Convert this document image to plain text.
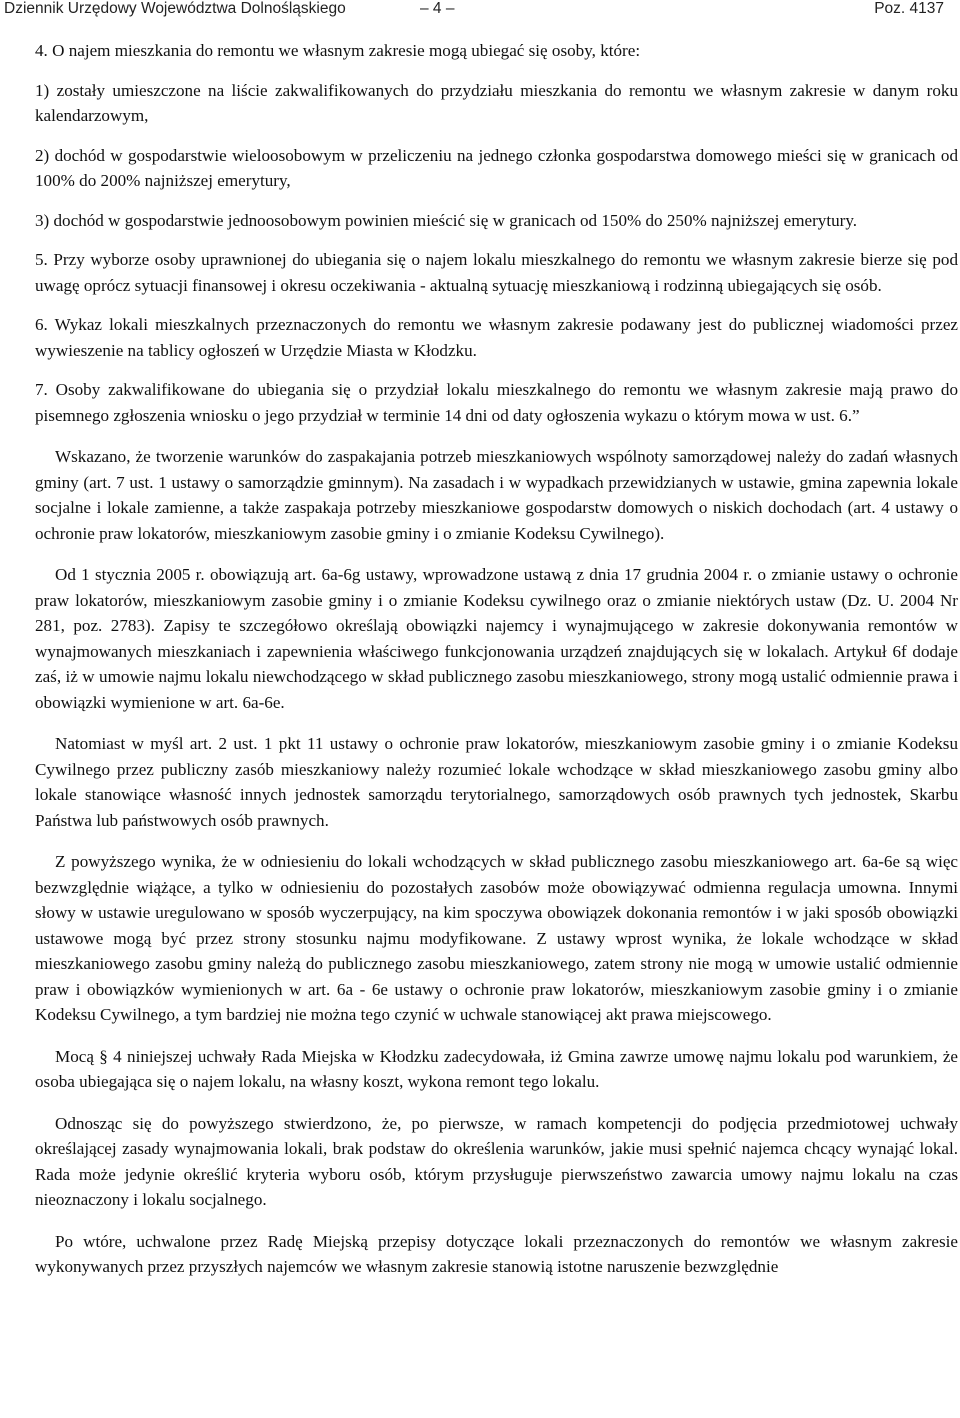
Dziennik Urzędowy Województwa Dolnośląskiego	– 4 –	Poz. 4137

4. O najem mieszkania do remontu we własnym zakresie mogą ubiegać się osoby, które:

1) zostały umieszczone na liście zakwalifikowanych do przydziału mieszkania do remontu we własnym zakresie w danym roku kalendarzowym,

2) dochód w gospodarstwie wieloosobowym w przeliczeniu na jednego członka gospodarstwa domowego mieści się w granicach od 100% do 200% najniższej emerytury,

3) dochód w gospodarstwie jednoosobowym powinien mieścić się w granicach od 150% do 250% najniższej emerytury.

5. Przy wyborze osoby uprawnionej do ubiegania się o najem lokalu mieszkalnego do remontu we własnym zakresie bierze się pod uwagę oprócz sytuacji finansowej i okresu oczekiwania - aktualną sytuację mieszkaniową i rodzinną ubiegających się osób.

6. Wykaz lokali mieszkalnych przeznaczonych do remontu we własnym zakresie podawany jest do publicznej wiadomości przez wywieszenie na tablicy ogłoszeń w Urzędzie Miasta w Kłodzku.

7. Osoby zakwalifikowane do ubiegania się o przydział lokalu mieszkalnego do remontu we własnym zakresie mają prawo do pisemnego zgłoszenia wniosku o jego przydział w terminie 14 dni od daty ogłoszenia wykazu o którym mowa w ust. 6.”

Wskazano, że tworzenie warunków do zaspakajania potrzeb mieszkaniowych wspólnoty samorządowej należy do zadań własnych gminy (art. 7 ust. 1 ustawy o samorządzie gminnym). Na zasadach i w wypadkach przewidzianych w ustawie, gmina zapewnia lokale socjalne i lokale zamienne, a także zaspakaja potrzeby mieszkaniowe gospodarstw domowych o niskich dochodach (art. 4 ustawy o ochronie praw lokatorów, mieszkaniowym zasobie gminy i o zmianie Kodeksu Cywilnego).

Od 1 stycznia 2005 r. obowiązują art. 6a-6g ustawy, wprowadzone ustawą z dnia 17 grudnia 2004 r. o zmianie ustawy o ochronie praw lokatorów, mieszkaniowym zasobie gminy i o zmianie Kodeksu cywilnego oraz o zmianie niektórych ustaw (Dz. U. 2004 Nr 281, poz. 2783). Zapisy te szczegółowo określają obowiązki najemcy i wynajmującego w zakresie dokonywania remontów w wynajmowanych mieszkaniach i zapewnienia właściwego funkcjonowania urządzeń znajdujących się w lokalach. Artykuł 6f dodaje zaś, iż w umowie najmu lokalu niewchodzącego w skład publicznego zasobu mieszkaniowego, strony mogą ustalić odmiennie prawa i obowiązki wymienione w art. 6a-6e.

Natomiast w myśl art. 2 ust. 1 pkt 11 ustawy o ochronie praw lokatorów, mieszkaniowym zasobie gminy i o zmianie Kodeksu Cywilnego przez publiczny zasób mieszkaniowy należy rozumieć lokale wchodzące w skład mieszkaniowego zasobu gminy albo lokale stanowiące własność innych jednostek samorządu terytorialnego, samorządowych osób prawnych tych jednostek, Skarbu Państwa lub państwowych osób prawnych.

Z powyższego wynika, że w odniesieniu do lokali wchodzących w skład publicznego zasobu mieszkaniowego art. 6a-6e są więc bezwzględnie wiążące, a tylko w odniesieniu do pozostałych zasobów może obowiązywać odmienna regulacja umowna. Innymi słowy w ustawie uregulowano w sposób wyczerpujący, na kim spoczywa obowiązek dokonania remontów i w jaki sposób obowiązki ustawowe mogą być przez strony stosunku najmu modyfikowane. Z ustawy wprost wynika, że lokale wchodzące w skład mieszkaniowego zasobu gminy należą do publicznego zasobu mieszkaniowego, zatem strony nie mogą w umowie ustalić odmiennie praw i obowiązków wymienionych w art. 6a - 6e ustawy o ochronie praw lokatorów, mieszkaniowym zasobie gminy i o zmianie Kodeksu Cywilnego, a tym bardziej nie można tego czynić w uchwale stanowiącej akt prawa miejscowego.

Mocą § 4 niniejszej uchwały Rada Miejska w Kłodzku zadecydowała, iż Gmina zawrze umowę najmu lokalu pod warunkiem, że osoba ubiegająca się o najem lokalu, na własny koszt, wykona remont tego lokalu.

Odnosząc się do powyższego stwierdzono, że, po pierwsze, w ramach kompetencji do podjęcia przedmiotowej uchwały określającej zasady wynajmowania lokali, brak podstaw do określenia warunków, jakie musi spełnić najemca chcący wynająć lokal. Rada może jedynie określić kryteria wyboru osób, którym przysługuje pierwszeństwo zawarcia umowy najmu lokalu na czas nieoznaczony i lokalu socjalnego.

Po wtóre, uchwalone przez Radę Miejską przepisy dotyczące lokali przeznaczonych do remontów we własnym zakresie wykonywanych przez przyszłych najemców we własnym zakresie stanowią istotne naruszenie bezwzględnie
